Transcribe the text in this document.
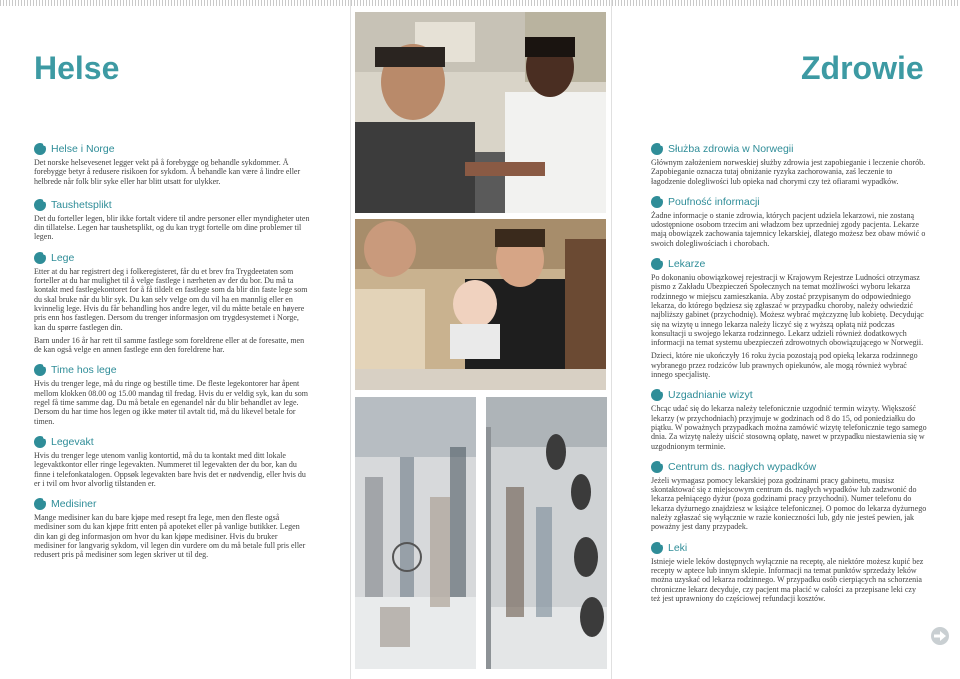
Helse	Zdrowie
Helse i Norge

Det norske helsevesenet legger vekt på å forebygge og behandle sykdommer. Å forebygge betyr å redusere risikoen for sykdom. Å behandle kan være å lindre eller helbrede når folk blir syke eller har blitt utsatt for ulykker.

Taushetsplikt

Det du forteller legen, blir ikke fortalt videre til andre personer eller myndigheter uten din tillatelse. Legen har taushetsplikt, og du kan trygt fortelle om dine problemer til legen.

Lege

Etter at du har registrert deg i folkeregisteret, får du et brev fra Trygdeetaten som forteller at du har mulighet til å velge fastlege i nærheten av der du bor. Du må ta kontakt med fastlegekontoret for å få tildelt en fastlege som da blir din faste lege som du skal bruke når du blir syk. Du kan selv velge om du vil ha en mannlig eller en kvinnelig lege. Hvis du får behandling hos andre leger, vil du måtte betale en høyere pris enn hos fastlegen. Dersom du trenger informasjon om trygdesystemet i Norge, kan du spørre fastlegen din.

Barn under 16 år har rett til samme fastlege som foreldrene eller at de foresatte, men de kan også velge en annen fastlege enn den foreldrene har.

Time hos lege

Hvis du trenger lege, må du ringe og bestille time. De fleste legekontorer har åpent mellom klokken 08.00 og 15.00 mandag til fredag. Hvis du er veldig syk, kan du som regel få time samme dag. Du må betale en egenandel når du blir behandlet av lege. Dersom du har time hos legen og ikke møter til avtalt tid, må du likevel betale for timen.

Legevakt

Hvis du trenger lege utenom vanlig kontortid, må du ta kontakt med ditt lokale legevaktkontor eller ringe legevakten. Nummeret til legevakten der du bor, kan du finne i telefonkatalogen. Oppsøk legevakten bare hvis det er nødvendig, eller hvis du er i tvil om hvor alvorlig tilstanden er.

Medisiner

Mange medisiner kan du bare kjøpe med resept fra lege, men den fleste også medisiner som du kan kjøpe fritt enten på apoteket eller på vanlige butikker. Legen din kan gi deg informasjon om hvor du kan kjøpe medisiner. Hvis du bruker medisiner for langvarig sykdom, vil legen din vurdere om du må betale full pris eller redusert pris på medisiner som legen skriver ut til deg.

Służba zdrowia w Norwegii

Głównym założeniem norweskiej służby zdrowia jest zapobieganie i leczenie chorób. Zapobieganie oznacza tutaj obniżanie ryzyka zachorowania, zaś leczenie to łagodzenie dolegliwości lub opieka nad chorymi czy też ofiarami wypadków.

Poufność informacji

Żadne informacje o stanie zdrowia, których pacjent udziela lekarzowi, nie zostaną udostępnione osobom trzecim ani władzom bez uprzedniej zgody pacjenta. Lekarze mają obowiązek zachowania tajemnicy lekarskiej, dlatego możesz bez obaw mówić o swoich dolegliwościach i chorobach.

Lekarze

Po dokonaniu obowiązkowej rejestracji w Krajowym Rejestrze Ludności otrzymasz pismo z Zakładu Ubezpieczeń Społecznych na temat możliwości wyboru lekarza rodzinnego w miejscu zamieszkania. Aby zostać przypisanym do odpowiedniego lekarza, do którego będziesz się zgłaszać w przypadku choroby, należy odwiedzić najbliższy gabinet (przychodnię). Możesz wybrać mężczyznę lub kobietę. Decydując się na wizytę u innego lekarza należy liczyć się z wyższą opłatą niż podczas konsultacji u swojego lekarza rodzinnego. Lekarz udzieli również dodatkowych informacji na temat systemu ubezpieczeń zdrowotnych obowiązującego w Norwegii.

Dzieci, które nie ukończyły 16 roku życia pozostają pod opieką lekarza rodzinnego wybranego przez rodziców lub prawnych opiekunów, ale mogą również wybrać innego specjalistę.

Uzgadnianie wizyt

Chcąc udać się do lekarza należy telefonicznie uzgodnić termin wizyty. Większość lekarzy (w przychodniach) przyjmuje w godzinach od 8 do 15, od poniedziałku do piątku. W poważnych przypadkach można zamówić wizytę telefonicznie tego samego dnia. Za wizytę należy uiścić stosowną opłatę, nawet w przypadku niestawienia się w uzgodnionym terminie.

Centrum ds. nagłych wypadków

Jeżeli wymagasz pomocy lekarskiej poza godzinami pracy gabinetu, musisz skontaktować się z miejscowym centrum ds. nagłych wypadków lub zadzwonić do lekarza pełniącego dyżur (poza godzinami pracy przychodni). Numer telefonu do lekarza dyżurnego znajdziesz w książce telefonicznej. O pomoc do lekarza dyżurnego należy zgłaszać się wyłącznie w razie konieczności lub, gdy nie jesteś pewien, jak poważny jest dany przypadek.

Leki

Istnieje wiele leków dostępnych wyłącznie na receptę, ale niektóre możesz kupić bez recepty w aptece lub innym sklepie. Informacji na temat punktów sprzedaży leków można uzyskać od lekarza rodzinnego. W przypadku osób cierpiących na schorzenia chroniczne lekarz decyduje, czy pacjent ma płacić w całości za przepisane leki czy też jest uprawniony do częściowej refundacji kosztów.
